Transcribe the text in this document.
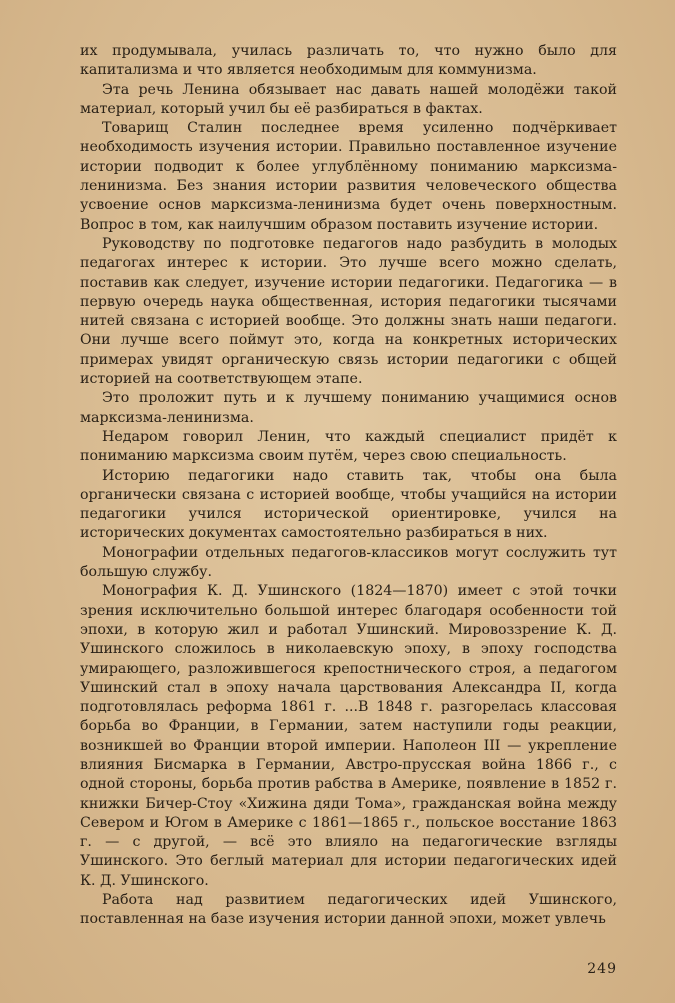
их продумывала, училась различать то, что нужно было для капитализма и что является необходимым для коммунизма.

Эта речь Ленина обязывает нас давать нашей молодёжи такой материал, который учил бы её разбираться в фактах.

Товарищ Сталин последнее время усиленно подчёркивает необходимость изучения истории. Правильно поставленное изучение истории подводит к более углублённому пониманию марксизма-ленинизма. Без знания истории развития человеческого общества усвоение основ марксизма-ленинизма будет очень поверхностным. Вопрос в том, как наилучшим образом поставить изучение истории.

Руководству по подготовке педагогов надо разбудить в молодых педагогах интерес к истории. Это лучше всего можно сделать, поставив как следует, изучение истории педагогики. Педагогика — в первую очередь наука общественная, история педагогики тысячами нитей связана с историей вообще. Это должны знать наши педагоги. Они лучше всего поймут это, когда на конкретных исторических примерах увидят органическую связь истории педагогики с общей историей на соответствующем этапе.

Это проложит путь и к лучшему пониманию учащимися основ марксизма-ленинизма.

Недаром говорил Ленин, что каждый специалист придёт к пониманию марксизма своим путём, через свою специальность.

Историю педагогики надо ставить так, чтобы она была органически связана с историей вообще, чтобы учащийся на истории педагогики учился исторической ориентировке, учился на исторических документах самостоятельно разбираться в них.

Монографии отдельных педагогов-классиков могут сослужить тут большую службу.

Монография К. Д. Ушинского (1824—1870) имеет с этой точки зрения исключительно большой интерес благодаря особенности той эпохи, в которую жил и работал Ушинский. Мировоззрение К. Д. Ушинского сложилось в николаевскую эпоху, в эпоху господства умирающего, разложившегося крепостнического строя, а педагогом Ушинский стал в эпоху начала царствования Александра II, когда подготовлялась реформа 1861 г. ...В 1848 г. разгорелась классовая борьба во Франции, в Германии, затем наступили годы реакции, возникшей во Франции второй империи. Наполеон III — укрепление влияния Бисмарка в Германии, Австро-прусская война 1866 г., с одной стороны, борьба против рабства в Америке, появление в 1852 г. книжки Бичер-Стоу «Хижина дяди Тома», гражданская война между Севером и Югом в Америке с 1861—1865 г., польское восстание 1863 г. — с другой, — всё это влияло на педагогические взгляды Ушинского. Это беглый материал для истории педагогических идей К. Д. Ушинского.

Работа над развитием педагогических идей Ушинского, поставленная на базе изучения истории данной эпохи, может увлечь

249
